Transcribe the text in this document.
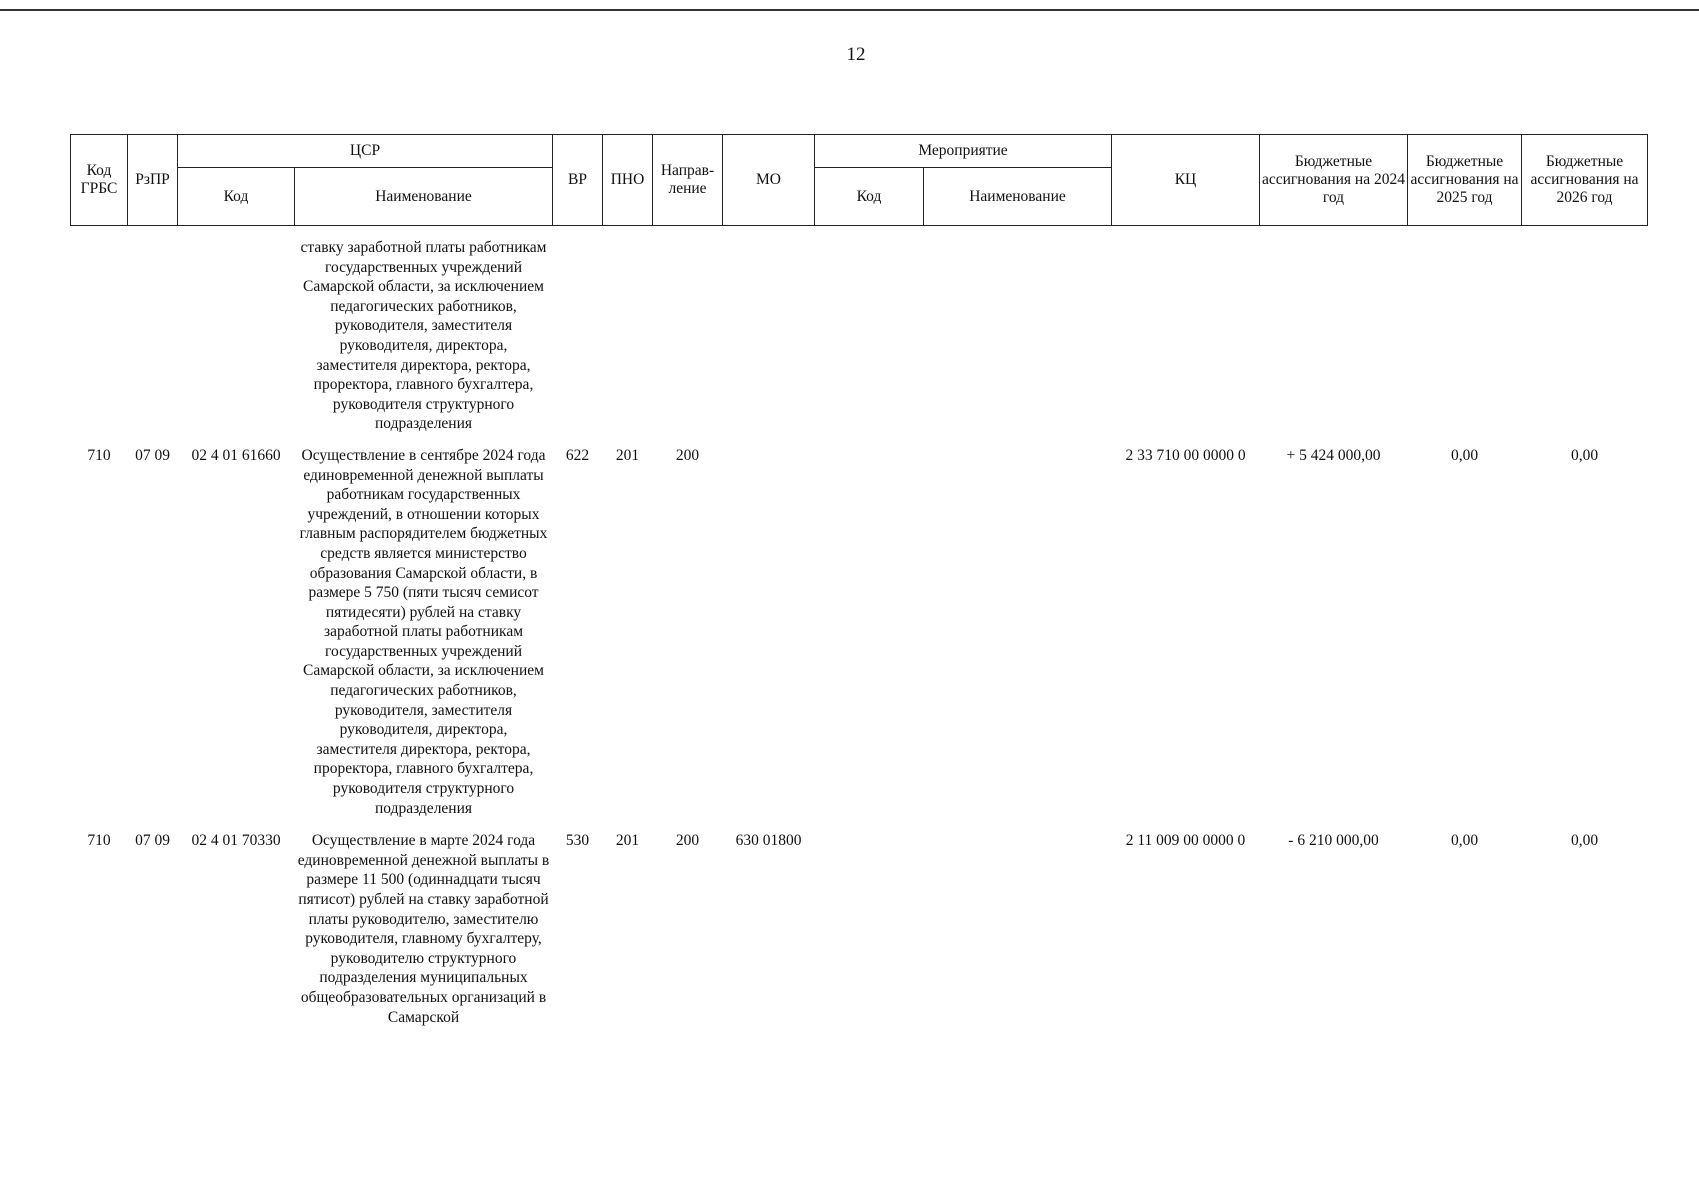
12
Код ГРБС	РзПР	ЦСР		ВР	ПНО	Направ-ление	МО	Мероприятие		КЦ	Бюджетные ассигнования на 2024 год	Бюджетные ассигнования на 2025 год	Бюджетные ассигнования на 2026 год
		Код	Наименование					Код	Наименование				
			ставку заработной платы работникам государственных учреждений Самарской области, за исключением педагогических работников, руководителя, заместителя руководителя, директора, заместителя директора, ректора, проректора, главного бухгалтера, руководителя структурного подразделения										
710	07 09	02 4 01 61660	Осуществление в сентябре 2024 года единовременной денежной выплаты работникам государственных учреждений, в отношении которых главным распорядителем бюджетных средств является министерство образования Самарской области, в размере 5 750 (пяти тысяч семисот пятидесяти) рублей на ставку заработной платы работникам государственных учреждений Самарской области, за исключением педагогических работников, руководителя, заместителя руководителя, директора, заместителя директора, ректора, проректора, главного бухгалтера, руководителя структурного подразделения	622	201	200				2 33 710 00 0000 0	+ 5 424 000,00	0,00	0,00
710	07 09	02 4 01 70330	Осуществление в марте 2024 года единовременной денежной выплаты в размере 11 500 (одиннадцати тысяч пятисот) рублей на ставку заработной платы руководителю, заместителю руководителя, главному бухгалтеру, руководителю структурного подразделения муниципальных общеобразовательных организаций в Самарской	530	201	200	630 01800			2 11 009 00 0000 0	- 6 210 000,00	0,00	0,00
